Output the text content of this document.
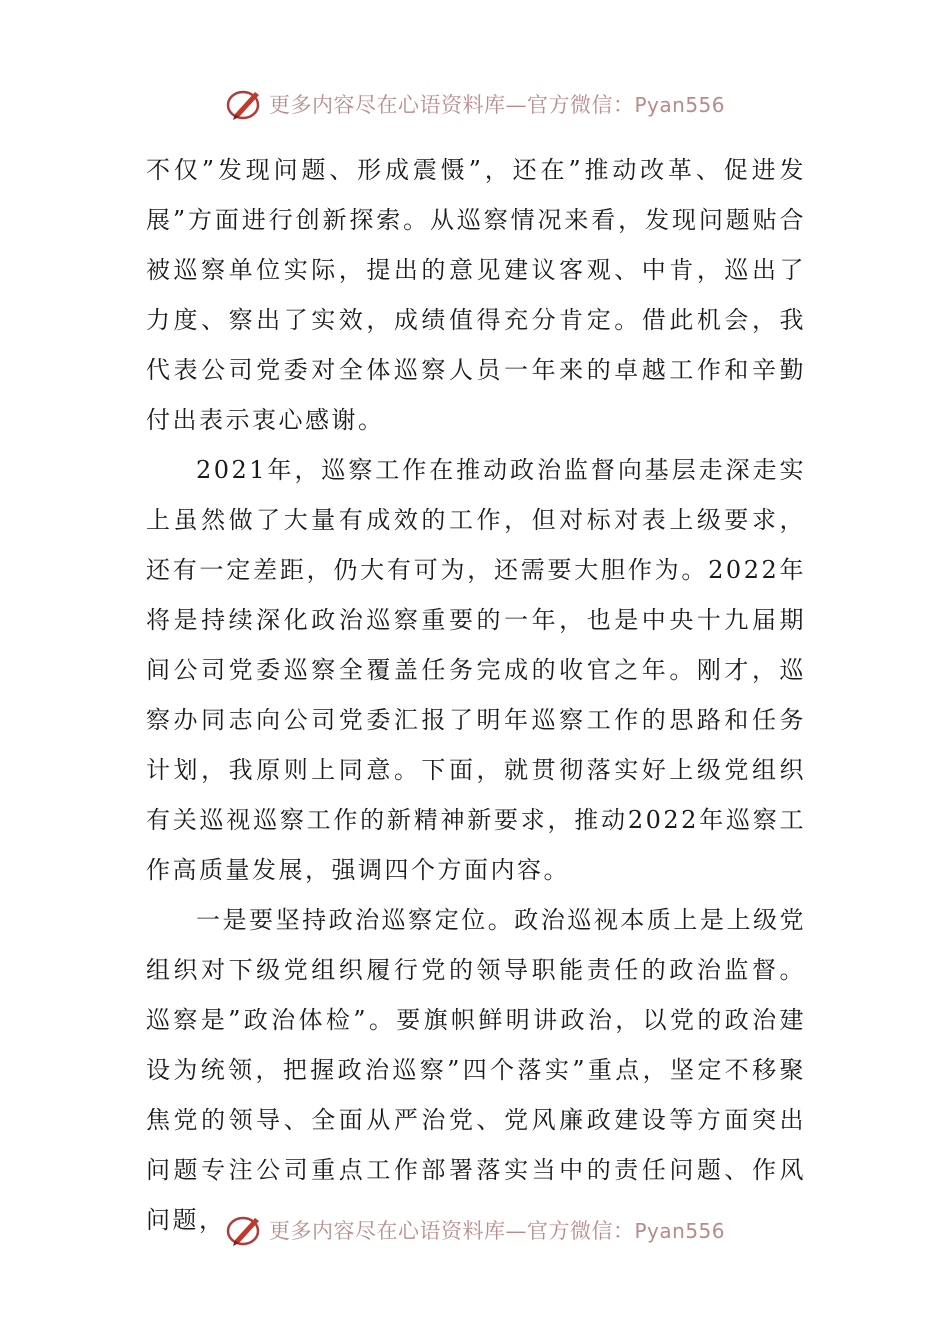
更多内容尽在心语资料库—官方微信：Pyan556

不仅”发现问题、形成震慑”，还在”推动改革、促进发展”方面进行创新探索。从巡察情况来看，发现问题贴合被巡察单位实际，提出的意见建议客观、中肯，巡出了力度、察出了实效，成绩值得充分肯定。借此机会，我代表公司党委对全体巡察人员一年来的卓越工作和辛勤付出表示衷心感谢。

2021年，巡察工作在推动政治监督向基层走深走实上虽然做了大量有成效的工作，但对标对表上级要求，还有一定差距，仍大有可为，还需要大胆作为。2022年将是持续深化政治巡察重要的一年，也是中央十九届期间公司党委巡察全覆盖任务完成的收官之年。刚才，巡察办同志向公司党委汇报了明年巡察工作的思路和任务计划，我原则上同意。下面，就贯彻落实好上级党组织有关巡视巡察工作的新精神新要求，推动2022年巡察工作高质量发展，强调四个方面内容。

一是要坚持政治巡察定位。政治巡视本质上是上级党组织对下级党组织履行党的领导职能责任的政治监督。巡察是”政治体检”。要旗帜鲜明讲政治，以党的政治建设为统领，把握政治巡察”四个落实”重点，坚定不移聚焦党的领导、全面从严治党、党风廉政建设等方面突出问题专注公司重点工作部署落实当中的责任问题、作风问题，	更多内容尽在心语资料库—官方微信：Pyan556
